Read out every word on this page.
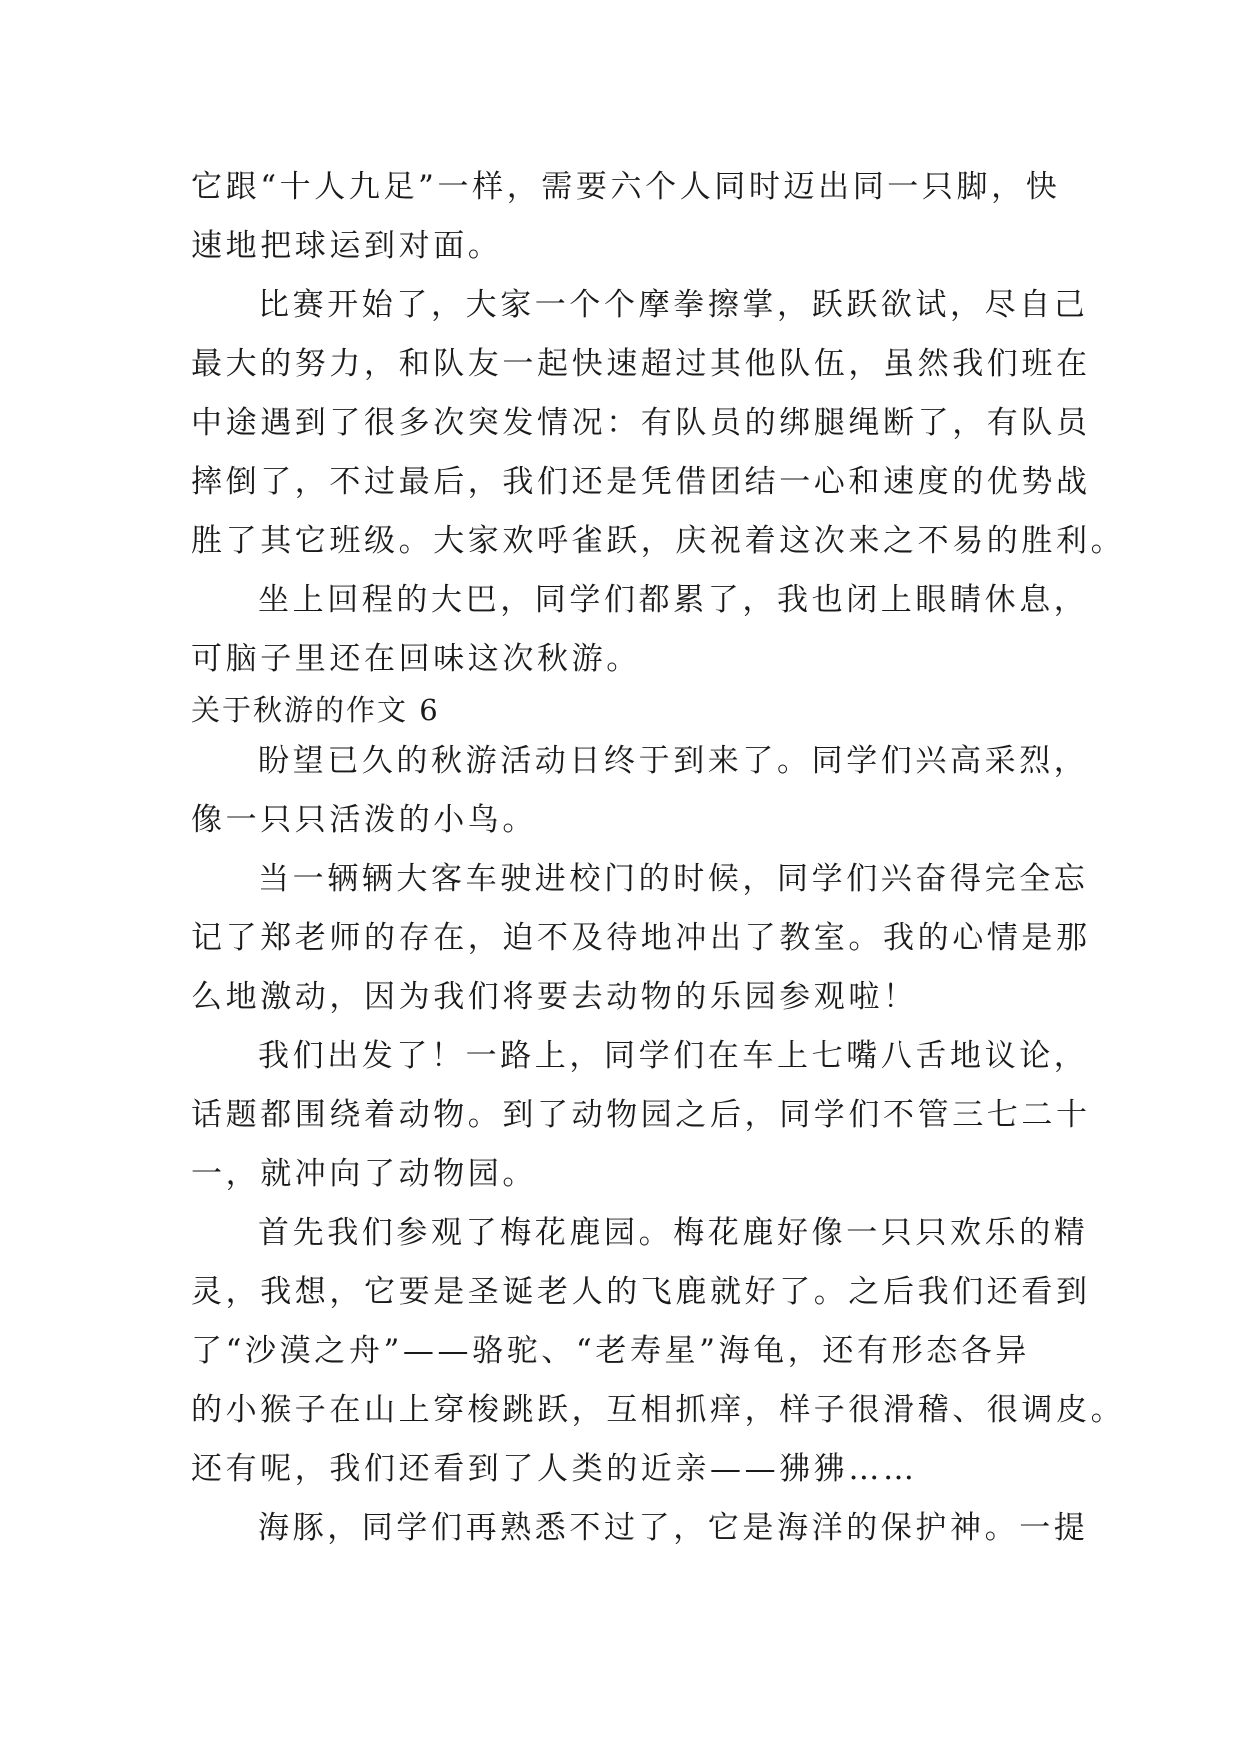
它跟“十人九足”一样，需要六个人同时迈出同一只脚，快
速地把球运到对面。
比赛开始了，大家一个个摩拳擦掌，跃跃欲试，尽自己
最大的努力，和队友一起快速超过其他队伍，虽然我们班在
中途遇到了很多次突发情况：有队员的绑腿绳断了，有队员
摔倒了，不过最后，我们还是凭借团结一心和速度的优势战
胜了其它班级。大家欢呼雀跃，庆祝着这次来之不易的胜利。
坐上回程的大巴，同学们都累了，我也闭上眼睛休息，
可脑子里还在回味这次秋游。
关于秋游的作文 6
盼望已久的秋游活动日终于到来了。同学们兴高采烈，
像一只只活泼的小鸟。
当一辆辆大客车驶进校门的时候，同学们兴奋得完全忘
记了郑老师的存在，迫不及待地冲出了教室。我的心情是那
么地激动，因为我们将要去动物的乐园参观啦！
我们出发了！一路上，同学们在车上七嘴八舌地议论，
话题都围绕着动物。到了动物园之后，同学们不管三七二十
一，就冲向了动物园。
首先我们参观了梅花鹿园。梅花鹿好像一只只欢乐的精
灵，我想，它要是圣诞老人的飞鹿就好了。之后我们还看到
了“沙漠之舟”——骆驼、“老寿星”海龟，还有形态各异
的小猴子在山上穿梭跳跃，互相抓痒，样子很滑稽、很调皮。
还有呢，我们还看到了人类的近亲——狒狒……
海豚，同学们再熟悉不过了，它是海洋的保护神。一提
